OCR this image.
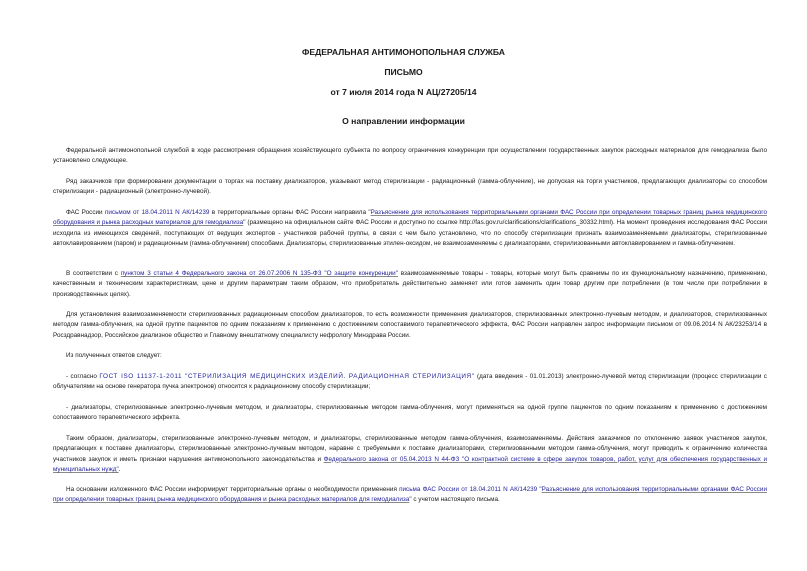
ФЕДЕРАЛЬНАЯ АНТИМОНОПОЛЬНАЯ СЛУЖБА
ПИСЬМО
от 7 июля 2014 года N АЦ/27205/14
О направлении информации

Федеральной антимонопольной службой в ходе рассмотрения обращения хозяйствующего субъекта по вопросу ограничения конкуренции при осуществлении государственных закупок расходных материалов для гемодиализа было установлено следующее.

Ряд заказчиков при формировании документации о торгах на поставку диализаторов, указывают метод стерилизации - радиационный (гамма-облучение), не допуская на торги участников, предлагающих диализаторы со способом стерилизации - радиационный (электронно-лучевой).

ФАС России письмом от 18.04.2011 N АК/14239 в территориальные органы ФАС России направила "Разъяснение для использования территориальными органами ФАС России при определении товарных границ рынка медицинского оборудования и рынка расходных материалов для гемодиализа" (размещено на официальном сайте ФАС России и доступно по ссылке http://fas.gov.ru/clarifications/clarifications_30332.html). На момент проведения исследования ФАС России исходила из имеющихся сведений, поступающих от ведущих экспертов - участников рабочей группы, в связи с чем было установлено, что по способу стерилизации признать взаимозаменяемыми диализаторы, стерилизованные автоклавированием (паром) и радиационным (гамма-облучением) способами. Диализаторы, стерилизованные этилен-оксидом, не взаимозаменяемы с диализаторами, стерилизованными автоклавированием и гамма-облучением.

В соответствии с пунктом 3 статьи 4 Федерального закона от 26.07.2006 N 135-ФЗ "О защите конкуренции" взаимозаменяемые товары - товары, которые могут быть сравнимы по их функциональному назначению, применению, качественным и техническим характеристикам, цене и другим параметрам таким образом, что приобретатель действительно заменяет или готов заменить один товар другим при потреблении (в том числе при потреблении в производственных целях).

Для установления взаимозаменяемости стерилизованных радиационным способом диализаторов, то есть возможности применения диализаторов, стерилизованных электронно-лучевым методом, и диализаторов, стерилизованных методом гамма-облучения, на одной группе пациентов по одним показаниям к применению с достижением сопоставимого терапевтического эффекта, ФАС России направлен запрос информации письмом от 09.06.2014 N АК/23253/14 в Росздравнадзор, Российское диализное общество и Главному внештатному специалисту нефрологу Минздрава России.

Из полученных ответов следует:

- согласно ГОСТ ISO 11137-1-2011 "СТЕРИЛИЗАЦИЯ МЕДИЦИНСКИХ ИЗДЕЛИЙ. РАДИАЦИОННАЯ СТЕРИЛИЗАЦИЯ" (дата введения - 01.01.2013) электронно-лучевой метод стерилизации (процесс стерилизации с облучателями на основе генератора пучка электронов) относится к радиационному способу стерилизации;

- диализаторы, стерилизованные электронно-лучевым методом, и диализаторы, стерилизованные методом гамма-облучения, могут применяться на одной группе пациентов по одним показаниям к применению с достижением сопоставимого терапевтического эффекта.

Таким образом, диализаторы, стерилизованные электронно-лучевым методом, и диализаторы, стерилизованные методом гамма-облучения, взаимозаменяемы. Действия заказчиков по отклонению заявок участников закупок, предлагающих к поставке диализаторы, стерилизованные электронно-лучевым методом, наравне с требуемыми к поставке диализаторами, стерилизованными методом гамма-облучения, могут приводить к ограничению количества участников закупок и иметь признаки нарушения антимонопольного законодательства и Федерального закона от 05.04.2013 N 44-ФЗ "О контрактной системе в сфере закупок товаров, работ, услуг для обеспечения государственных и муниципальных нужд".

На основании изложенного ФАС России информирует территориальные органы о необходимости применения письма ФАС России от 18.04.2011 N АК/14239 "Разъяснение для использования территориальными органами ФАС России при определении товарных границ рынка медицинского оборудования и рынка расходных материалов для гемодиализа" с учетом настоящего письма.
